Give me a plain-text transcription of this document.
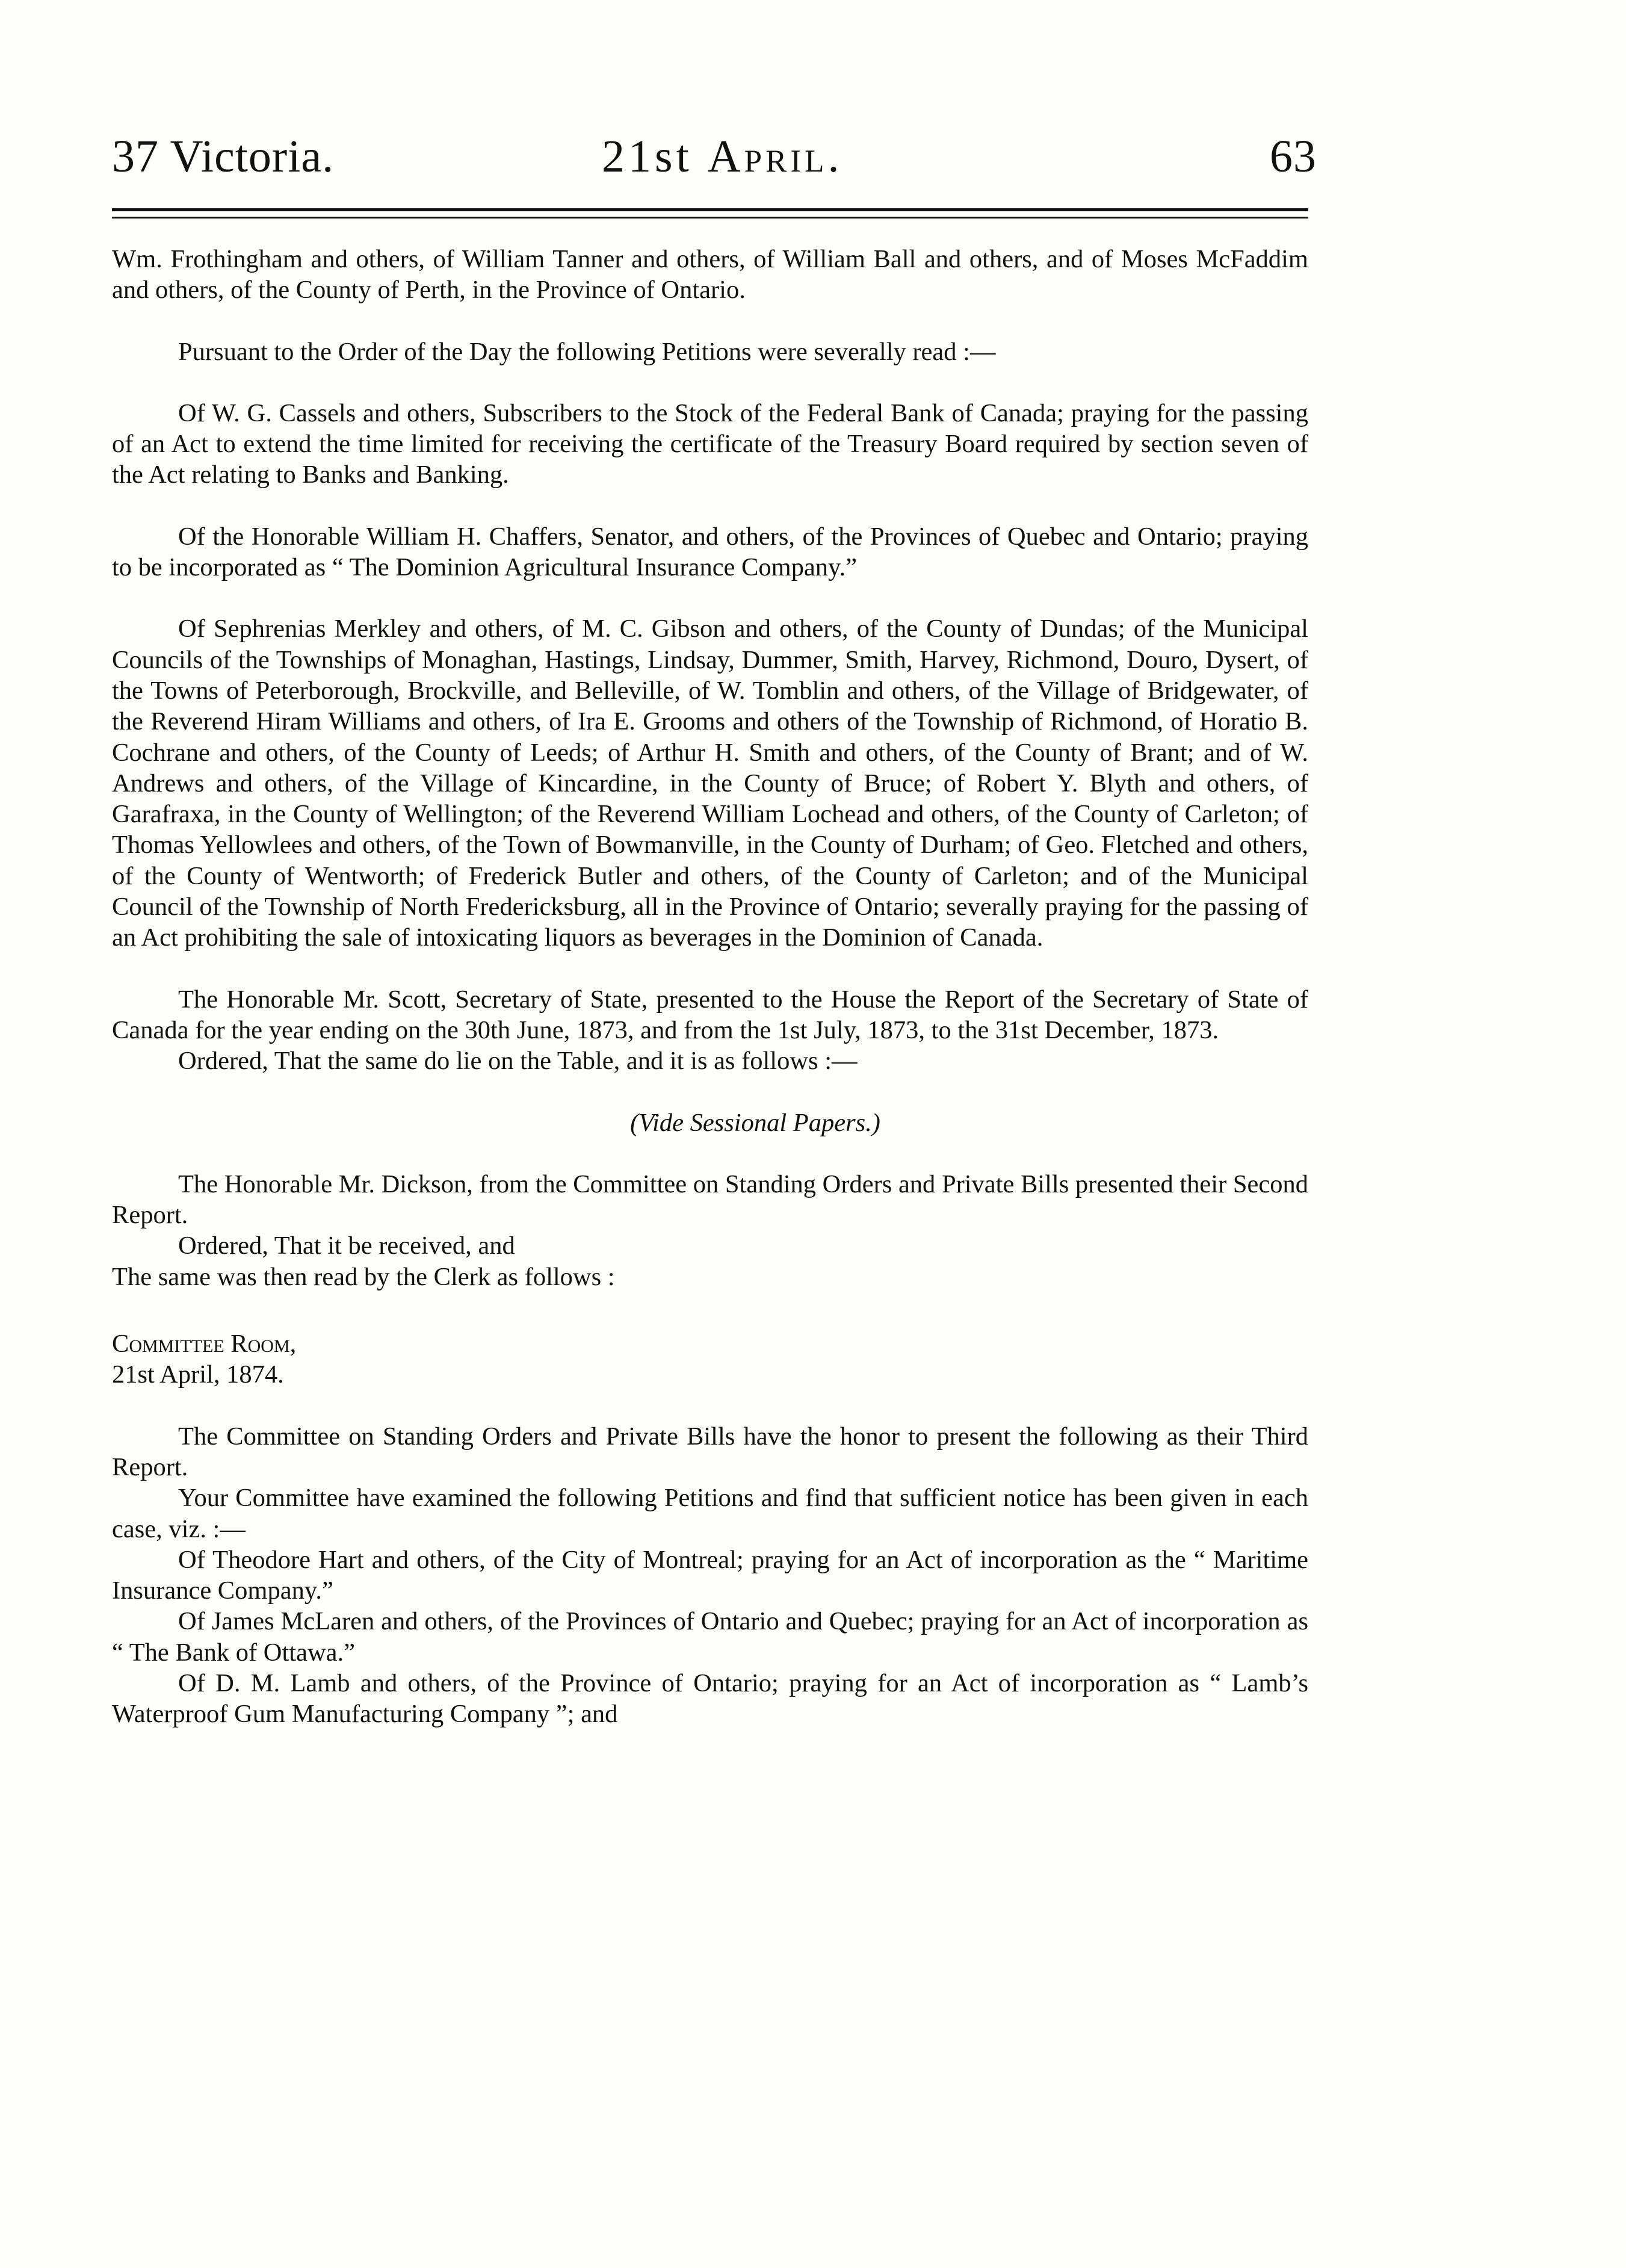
37 Victoria.	21st April.	63

Wm. Frothingham and others, of William Tanner and others, of William Ball and others, and of Moses McFaddim and others, of the County of Perth, in the Province of Ontario.

Pursuant to the Order of the Day the following Petitions were severally read :—

Of W. G. Cassels and others, Subscribers to the Stock of the Federal Bank of Canada; praying for the passing of an Act to extend the time limited for receiving the certificate of the Treasury Board required by section seven of the Act relating to Banks and Banking.

Of the Honorable William H. Chaffers, Senator, and others, of the Provinces of Quebec and Ontario; praying to be incorporated as “ The Dominion Agricultural Insurance Company.”

Of Sephrenias Merkley and others, of M. C. Gibson and others, of the County of Dundas; of the Municipal Councils of the Townships of Monaghan, Hastings, Lindsay, Dummer, Smith, Harvey, Richmond, Douro, Dysert, of the Towns of Peterborough, Brockville, and Belleville, of W. Tomblin and others, of the Village of Bridgewater, of the Reverend Hiram Williams and others, of Ira E. Grooms and others of the Township of Richmond, of Horatio B. Cochrane and others, of the County of Leeds; of Arthur H. Smith and others, of the County of Brant; and of W. Andrews and others, of the Village of Kincardine, in the County of Bruce; of Robert Y. Blyth and others, of Garafraxa, in the County of Wellington; of the Reverend William Lochead and others, of the County of Carleton; of Thomas Yellowlees and others, of the Town of Bowmanville, in the County of Durham; of Geo. Fletched and others, of the County of Wentworth; of Frederick Butler and others, of the County of Carleton; and of the Municipal Council of the Township of North Fredericksburg, all in the Province of Ontario; severally praying for the passing of an Act prohibiting the sale of intoxicating liquors as beverages in the Dominion of Canada.

The Honorable Mr. Scott, Secretary of State, presented to the House the Report of the Secretary of State of Canada for the year ending on the 30th June, 1873, and from the 1st July, 1873, to the 31st December, 1873.

Ordered, That the same do lie on the Table, and it is as follows :—

(Vide Sessional Papers.)

The Honorable Mr. Dickson, from the Committee on Standing Orders and Private Bills presented their Second Report.

Ordered, That it be received, and

The same was then read by the Clerk as follows :

Committee Room,

21st April, 1874.

The Committee on Standing Orders and Private Bills have the honor to present the following as their Third Report.

Your Committee have examined the following Petitions and find that sufficient notice has been given in each case, viz. :—

Of Theodore Hart and others, of the City of Montreal; praying for an Act of incorporation as the “ Maritime Insurance Company.”

Of James McLaren and others, of the Provinces of Ontario and Quebec; praying for an Act of incorporation as “ The Bank of Ottawa.”

Of D. M. Lamb and others, of the Province of Ontario; praying for an Act of incorporation as “ Lamb’s Waterproof Gum Manufacturing Company ”; and
